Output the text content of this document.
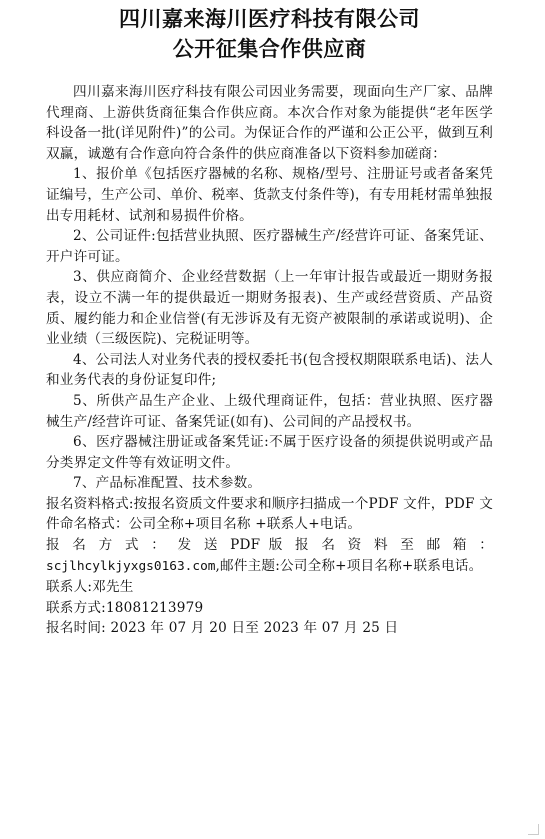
四川嘉来海川医疗科技有限公司
公开征集合作供应商

四川嘉来海川医疗科技有限公司因业务需要，现面向生产厂家、品牌代理商、上游供货商征集合作供应商。本次合作对象为能提供“老年医学科设备一批(详见附件)”的公司。为保证合作的严谨和公正公平，做到互利双赢，诚邀有合作意向符合条件的供应商准备以下资料参加磋商：

1、报价单《包括医疗器械的名称、规格/型号、注册证号或者备案凭证编号，生产公司、单价、税率、货款支付条件等)，有专用耗材需单独报出专用耗材、试剂和易损件价格。

2、公司证件:包括营业执照、医疗器械生产/经营许可证、备案凭证、开户许可证。

3、供应商简介、企业经营数据（上一年审计报告或最近一期财务报表，设立不满一年的提供最近一期财务报表)、生产或经营资质、产品资质、履约能力和企业信誉(有无涉诉及有无资产被限制的承诺或说明)、企业业绩（三级医院)、完税证明等。

4、公司法人对业务代表的授权委托书(包含授权期限联系电话)、法人和业务代表的身份证复印件;

5、所供产品生产企业、上级代理商证件，包括：营业执照、医疗器械生产/经营许可证、备案凭证(如有)、公司间的产品授权书。

6、医疗器械注册证或备案凭证:不属于医疗设备的须提供说明或产品分类界定文件等有效证明文件。

7、产品标准配置、技术参数。

报名资料格式:按报名资质文件要求和顺序扫描成一个PDF 文件，PDF 文件命名格式：公司全称+项目名称 +联系人+电话。

报 名 方 式 ： 发 送 PDF 版 报 名 资 料 至 邮 箱 ： scjlhcylkjyxgs0163.com,邮件主题:公司全称+项目名称+联系电话。

联系人:邓先生

联系方式:18081213979

报名时间: 2023 年 07 月 20 日至 2023 年 07 月 25 日
